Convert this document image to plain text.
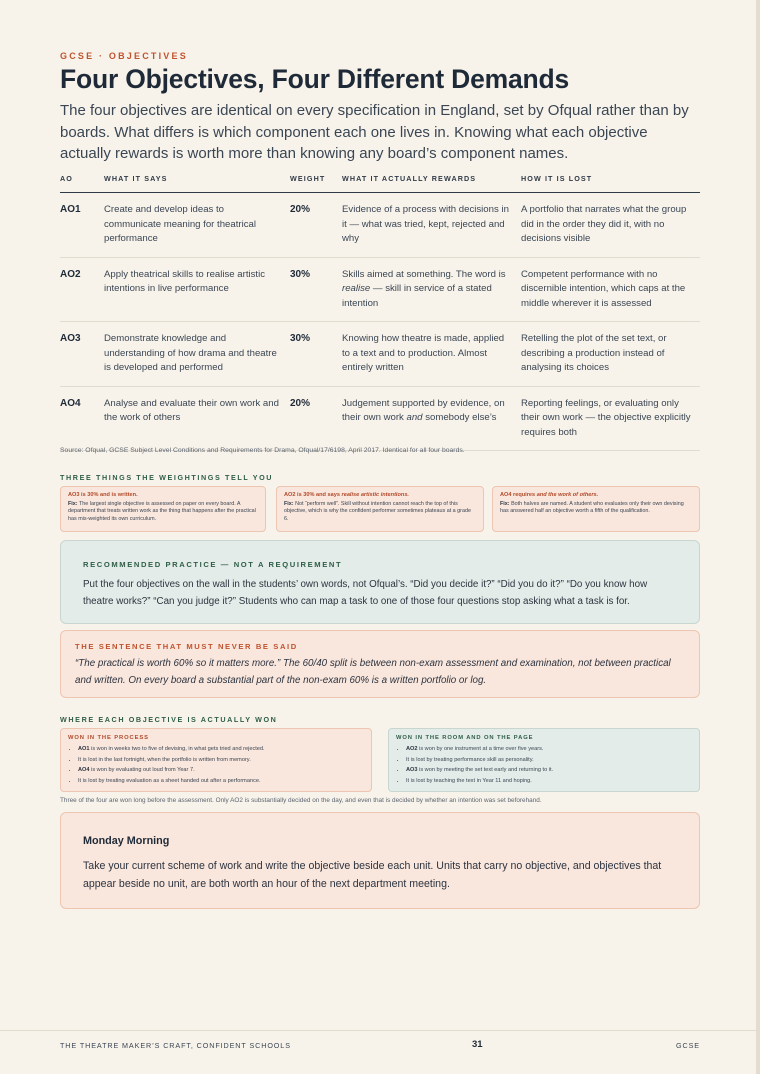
GCSE · OBJECTIVES
Four Objectives, Four Different Demands

The four objectives are identical on every specification in England, set by Ofqual rather than by boards. What differs is which component each one lives in. Knowing what each objective actually rewards is worth more than knowing any board’s component names.

AO	WHAT IT SAYS	WEIGHT	WHAT IT ACTUALLY REWARDS	HOW IT IS LOST
AO1	Create and develop ideas to communicate meaning for theatrical performance	20%	Evidence of a process with decisions in it — what was tried, kept, rejected and why	A portfolio that narrates what the group did in the order they did it, with no decisions visible
AO2	Apply theatrical skills to realise artistic intentions in live performance	30%	Skills aimed at something. The word is realise — skill in service of a stated intention	Competent performance with no discernible intention, which caps at the middle wherever it is assessed
AO3	Demonstrate knowledge and understanding of how drama and theatre is developed and performed	30%	Knowing how theatre is made, applied to a text and to production. Almost entirely written	Retelling the plot of the set text, or describing a production instead of analysing its choices
AO4	Analyse and evaluate their own work and the work of others	20%	Judgement supported by evidence, on their own work and somebody else’s	Reporting feelings, or evaluating only their own work — the objective explicitly requires both
Source: Ofqual, GCSE Subject Level Conditions and Requirements for Drama, Ofqual/17/6198, April 2017. Identical for all four boards.
THREE THINGS THE WEIGHTINGS TELL YOU
AO3 is 30% and is written.
Fix: The largest single objective is assessed on paper on every board. A department that treats written work as the thing that happens after the practical has mis-weighted its own curriculum.
AO2 is 30% and says realise artistic intentions.
Fix: Not “perform well”. Skill without intention cannot reach the top of this objective, which is why the confident performer sometimes plateaus at a grade 6.
AO4 requires and the work of others.
Fix: Both halves are named. A student who evaluates only their own devising has answered half an objective worth a fifth of the qualification.
RECOMMENDED PRACTICE — NOT A REQUIREMENT
Put the four objectives on the wall in the students’ own words, not Ofqual’s. “Did you decide it?” “Did you do it?” “Do you know how theatre works?” “Can you judge it?” Students who can map a task to one of those four questions stop asking what a task is for.
THE SENTENCE THAT MUST NEVER BE SAID
“The practical is worth 60% so it matters more.” The 60/40 split is between non-exam assessment and examination, not between practical and written. On every board a substantial part of the non-exam 60% is a written portfolio or log.
WHERE EACH OBJECTIVE IS ACTUALLY WON
WON IN THE PROCESS
• AO1 is won in weeks two to five of devising, in what gets tried and rejected.
• It is lost in the last fortnight, when the portfolio is written from memory.
• AO4 is won by evaluating out loud from Year 7.
• It is lost by treating evaluation as a sheet handed out after a performance.
WON IN THE ROOM AND ON THE PAGE
• AO2 is won by one instrument at a time over five years.
• It is lost by treating performance skill as personality.
• AO3 is won by meeting the set text early and returning to it.
• It is lost by teaching the text in Year 11 and hoping.
Three of the four are won long before the assessment. Only AO2 is substantially decided on the day, and even that is decided by whether an intention was set beforehand.
Monday Morning
Take your current scheme of work and write the objective beside each unit. Units that carry no objective, and objectives that appear beside no unit, are both worth an hour of the next department meeting.
THE THEATRE MAKER’S CRAFT, CONFIDENT SCHOOLS	31	GCSE
